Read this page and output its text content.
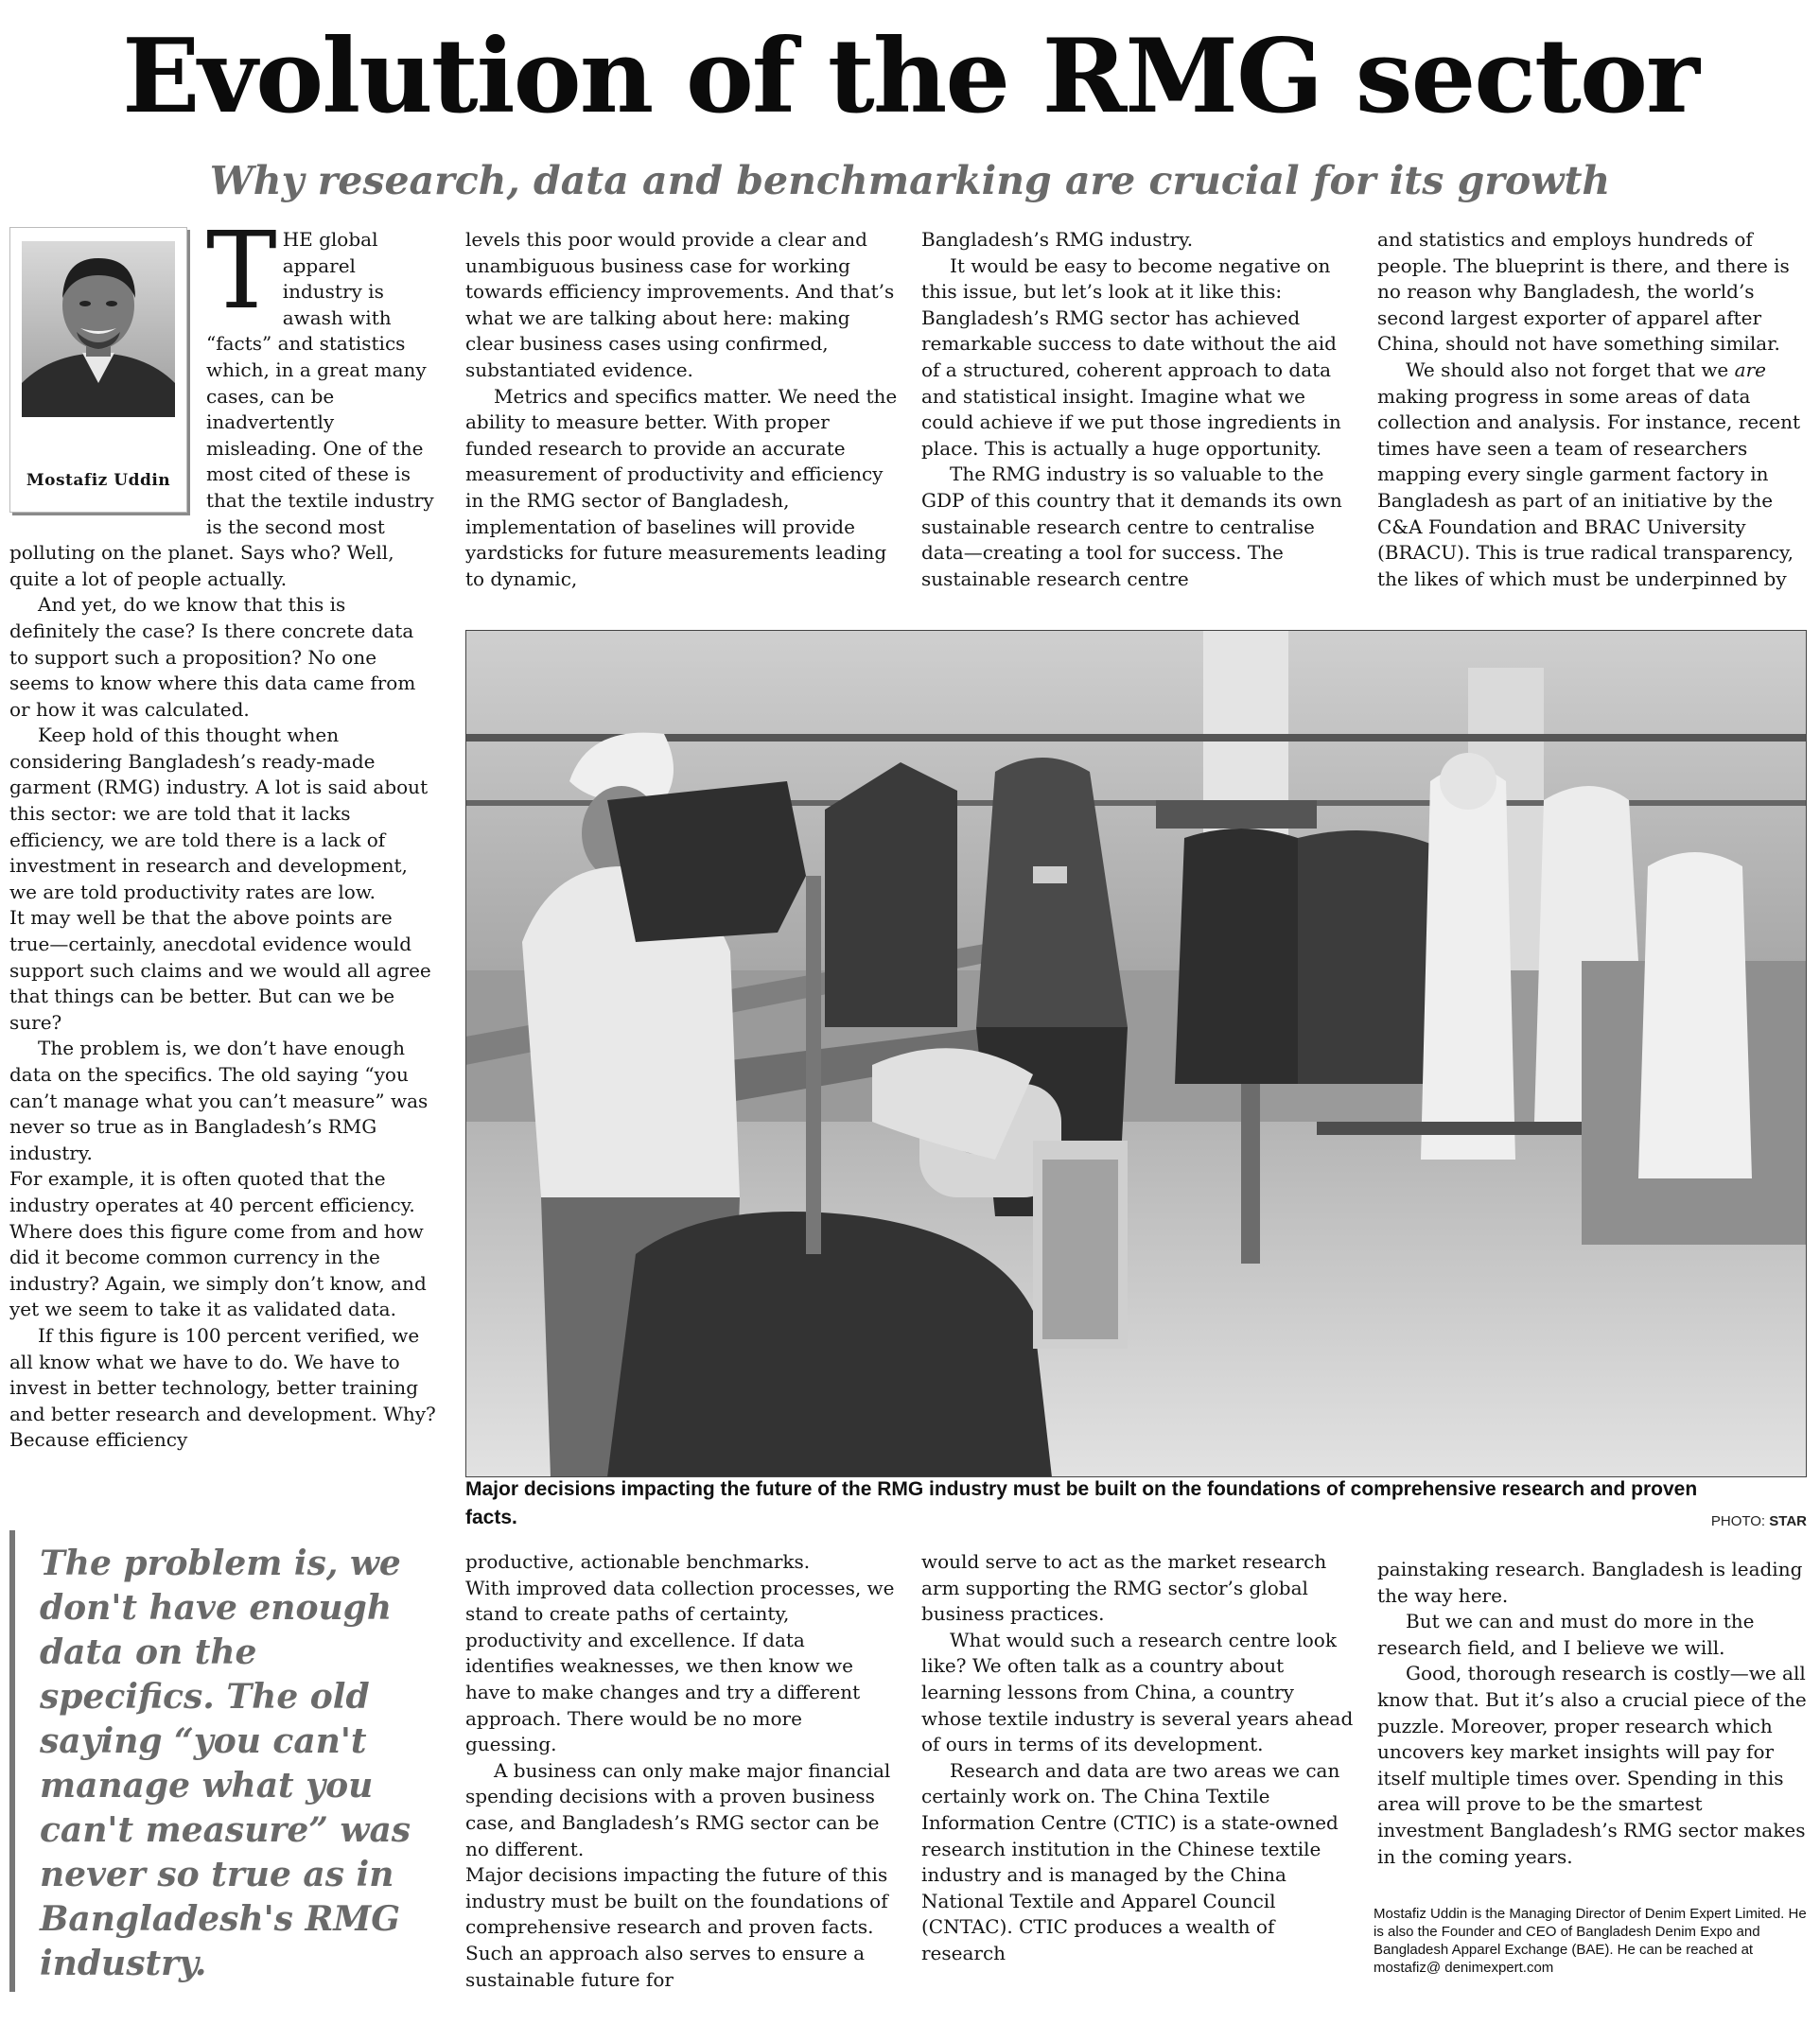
Evolution of the RMG sector
Why research, data and benchmarking are crucial for its growth
Mostafiz Uddin

THE global apparel industry is awash with “facts” and statistics which, in a great many cases, can be inadvertently misleading. One of the most cited of these is that the textile industry is the second most polluting on the planet. Says who? Well, quite a lot of people actually.

And yet, do we know that this is definitely the case? Is there concrete data to support such a proposition? No one seems to know where this data came from or how it was calculated.

Keep hold of this thought when considering Bangladesh’s ready-made garment (RMG) industry. A lot is said about this sector: we are told that it lacks efficiency, we are told there is a lack of investment in research and development, we are told productivity rates are low.

It may well be that the above points are true—certainly, anecdotal evidence would support such claims and we would all agree that things can be better. But can we be sure?

The problem is, we don’t have enough data on the specifics. The old saying “you can’t manage what you can’t measure” was never so true as in Bangladesh’s RMG industry.

For example, it is often quoted that the industry operates at 40 percent efficiency. Where does this figure come from and how did it become common currency in the industry? Again, we simply don’t know, and yet we seem to take it as validated data.

If this figure is 100 percent verified, we all know what we have to do. We have to invest in better technology, better training and better research and development. Why? Because efficiency

levels this poor would provide a clear and unambiguous business case for working towards efficiency improvements. And that’s what we are talking about here: making clear business cases using confirmed, substantiated evidence.

Metrics and specifics matter. We need the ability to measure better. With proper funded research to provide an accurate measurement of productivity and efficiency in the RMG sector of Bangladesh, implementation of baselines will provide yardsticks for future measurements leading to dynamic,

Bangladesh’s RMG industry.

It would be easy to become negative on this issue, but let’s look at it like this: Bangladesh’s RMG sector has achieved remarkable success to date without the aid of a structured, coherent approach to data and statistical insight. Imagine what we could achieve if we put those ingredients in place. This is actually a huge opportunity.

The RMG industry is so valuable to the GDP of this country that it demands its own sustainable research centre to centralise data—creating a tool for success. The sustainable research centre

and statistics and employs hundreds of people. The blueprint is there, and there is no reason why Bangladesh, the world’s second largest exporter of apparel after China, should not have something similar.

We should also not forget that we are making progress in some areas of data collection and analysis. For instance, recent times have seen a team of researchers mapping every single garment factory in Bangladesh as part of an initiative by the C&A Foundation and BRAC University (BRACU). This is true radical transparency, the likes of which must be underpinned by

Major decisions impacting the future of the RMG industry must be built on the foundations of comprehensive research and proven facts.	PHOTO: STAR
The problem is, we don't have enough data on the specifics. The old saying “you can't manage what you can't measure” was never so true as in Bangladesh's RMG industry.

productive, actionable benchmarks.

With improved data collection processes, we stand to create paths of certainty, productivity and excellence. If data identifies weaknesses, we then know we have to make changes and try a different approach. There would be no more guessing.

A business can only make major financial spending decisions with a proven business case, and Bangladesh’s RMG sector can be no different.

Major decisions impacting the future of this industry must be built on the foundations of comprehensive research and proven facts. Such an approach also serves to ensure a sustainable future for

would serve to act as the market research arm supporting the RMG sector’s global business practices.

What would such a research centre look like? We often talk as a country about learning lessons from China, a country whose textile industry is several years ahead of ours in terms of its development.

Research and data are two areas we can certainly work on. The China Textile Information Centre (CTIC) is a state-owned research institution in the Chinese textile industry and is managed by the China National Textile and Apparel Council (CNTAC). CTIC produces a wealth of research

painstaking research. Bangladesh is leading the way here.

But we can and must do more in the research field, and I believe we will.

Good, thorough research is costly—we all know that. But it’s also a crucial piece of the puzzle. Moreover, proper research which uncovers key market insights will pay for itself multiple times over. Spending in this area will prove to be the smartest investment Bangladesh’s RMG sector makes in the coming years.

Mostafiz Uddin is the Managing Director of Denim Expert Limited. He is also the Founder and CEO of Bangladesh Denim Expo and Bangladesh Apparel Exchange (BAE). He can be reached at mostafiz@ denimexpert.com
